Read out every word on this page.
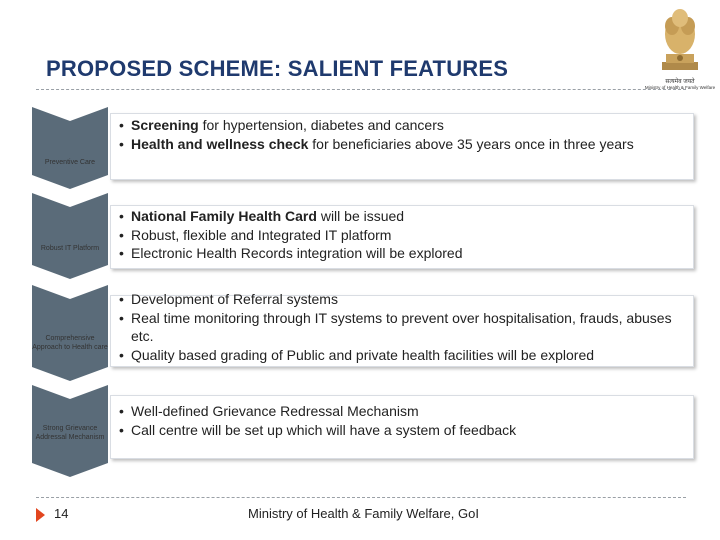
PROPOSED SCHEME: SALIENT FEATURES
सत्यमेव जयते
Ministry of Health & Family Welfare
Preventive Care
• Screening for hypertension, diabetes and cancers
• Health and wellness check for beneficiaries above 35 years once in three years
Robust IT Platform
• National Family Health Card will be issued
• Robust, flexible and Integrated IT platform
• Electronic Health Records integration will be explored
Comprehensive Approach to Health care
• Development of Referral systems
• Real time monitoring through IT systems to prevent over hospitalisation, frauds, abuses etc.
• Quality based grading of Public and private health facilities will be explored
Strong Grievance Addressal Mechanism
• Well-defined Grievance Redressal Mechanism
• Call centre will be set up which will have a system of feedback
14	Ministry of Health & Family Welfare, GoI
